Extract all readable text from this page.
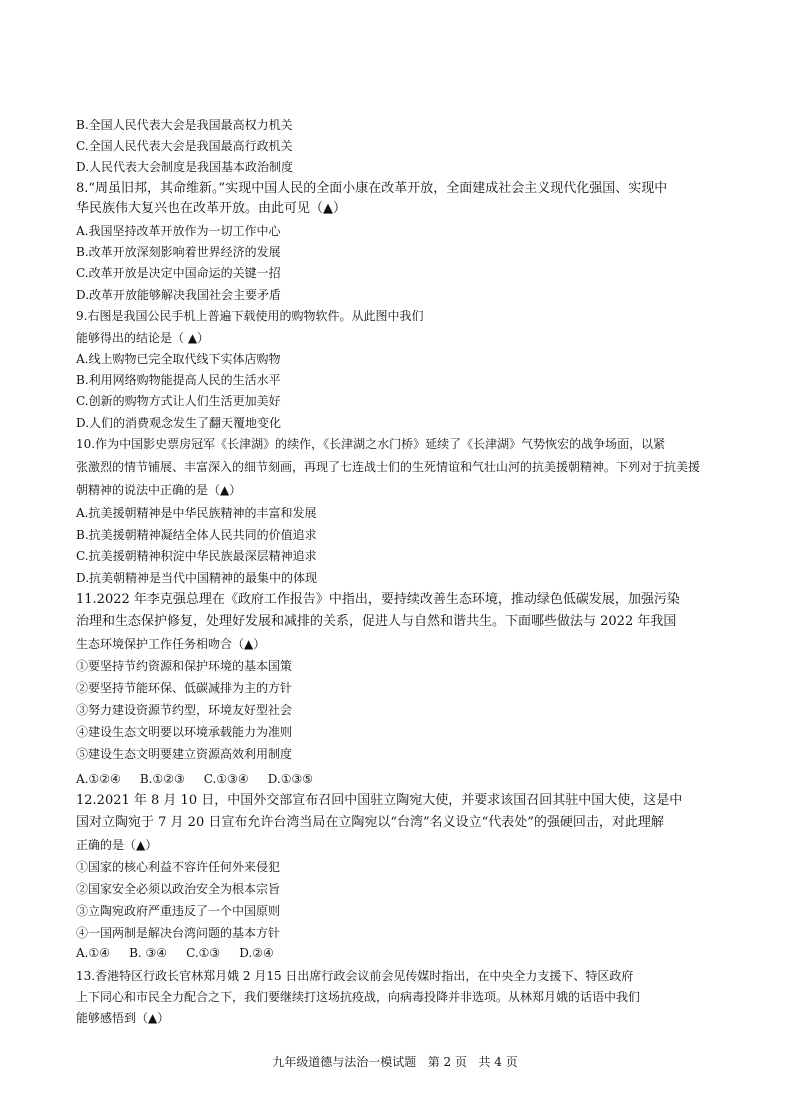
B.全国人民代表大会是我国最高权力机关
C.全国人民代表大会是我国最高行政机关
D.人民代表大会制度是我国基本政治制度
8.“周虽旧邦，其命维新。”实现中国人民的全面小康在改革开放，全面建成社会主义现代化强国、实现中
华民族伟大复兴也在改革开放。由此可见（▲）
A.我国坚持改革开放作为一切工作中心
B.改革开放深刻影响着世界经济的发展
C.改革开放是决定中国命运的关键一招
D.改革开放能够解决我国社会主要矛盾
9.右图是我国公民手机上普遍下载使用的购物软件。从此图中我们
能够得出的结论是（ ▲）
A.线上购物已完全取代线下实体店购物
B.利用网络购物能提高人民的生活水平
C.创新的购物方式让人们生活更加美好
D.人们的消费观念发生了翻天覆地变化
10.作为中国影史票房冠军《长津湖》的续作，《长津湖之水门桥》延续了《长津湖》气势恢宏的战争场面，以紧
张激烈的情节铺展、丰富深入的细节刻画，再现了七连战士们的生死情谊和气壮山河的抗美援朝精神。下列对于抗美援
朝精神的说法中正确的是（▲）
A.抗美援朝精神是中华民族精神的丰富和发展
B.抗美援朝精神凝结全体人民共同的价值追求
C.抗美援朝精神积淀中华民族最深层精神追求
D.抗美朝精神是当代中国精神的最集中的体现
11.2022 年李克强总理在《政府工作报告》中指出，要持续改善生态环境，推动绿色低碳发展，加强污染
治理和生态保护修复，处理好发展和减排的关系，促进人与自然和谐共生。下面哪些做法与 2022 年我国
生态环境保护工作任务相吻合（▲）
①要坚持节约资源和保护环境的基本国策
②要坚持节能环保、低碳减排为主的方针
③努力建设资源节约型，环境友好型社会
④建设生态文明要以环境承载能力为准则
⑤建设生态文明要建立资源高效利用制度
A.①②④     B.①②③     C.①③④     D.①③⑤
12.2021 年 8 月 10 日，中国外交部宣布召回中国驻立陶宛大使，并要求该国召回其驻中国大使，这是中
国对立陶宛于 7 月 20 日宣布允许台湾当局在立陶宛以“台湾”名义设立“代表处”的强硬回击，对此理解
正确的是（▲）
①国家的核心利益不容许任何外来侵犯
②国家安全必须以政治安全为根本宗旨
③立陶宛政府严重违反了一个中国原则
④一国两制是解决台湾问题的基本方针
A.①④     B. ③④     C.①③     D.②④
13.香港特区行政长官林郑月娥 2 月15 日出席行政会议前会见传媒时指出，在中央全力支援下、特区政府
上下同心和市民全力配合之下，我们要继续打这场抗疫战，向病毒投降并非选项。从林郑月娥的话语中我们
能够感悟到（▲）
九年级道德与法治一模试题   第 2 页   共 4 页
